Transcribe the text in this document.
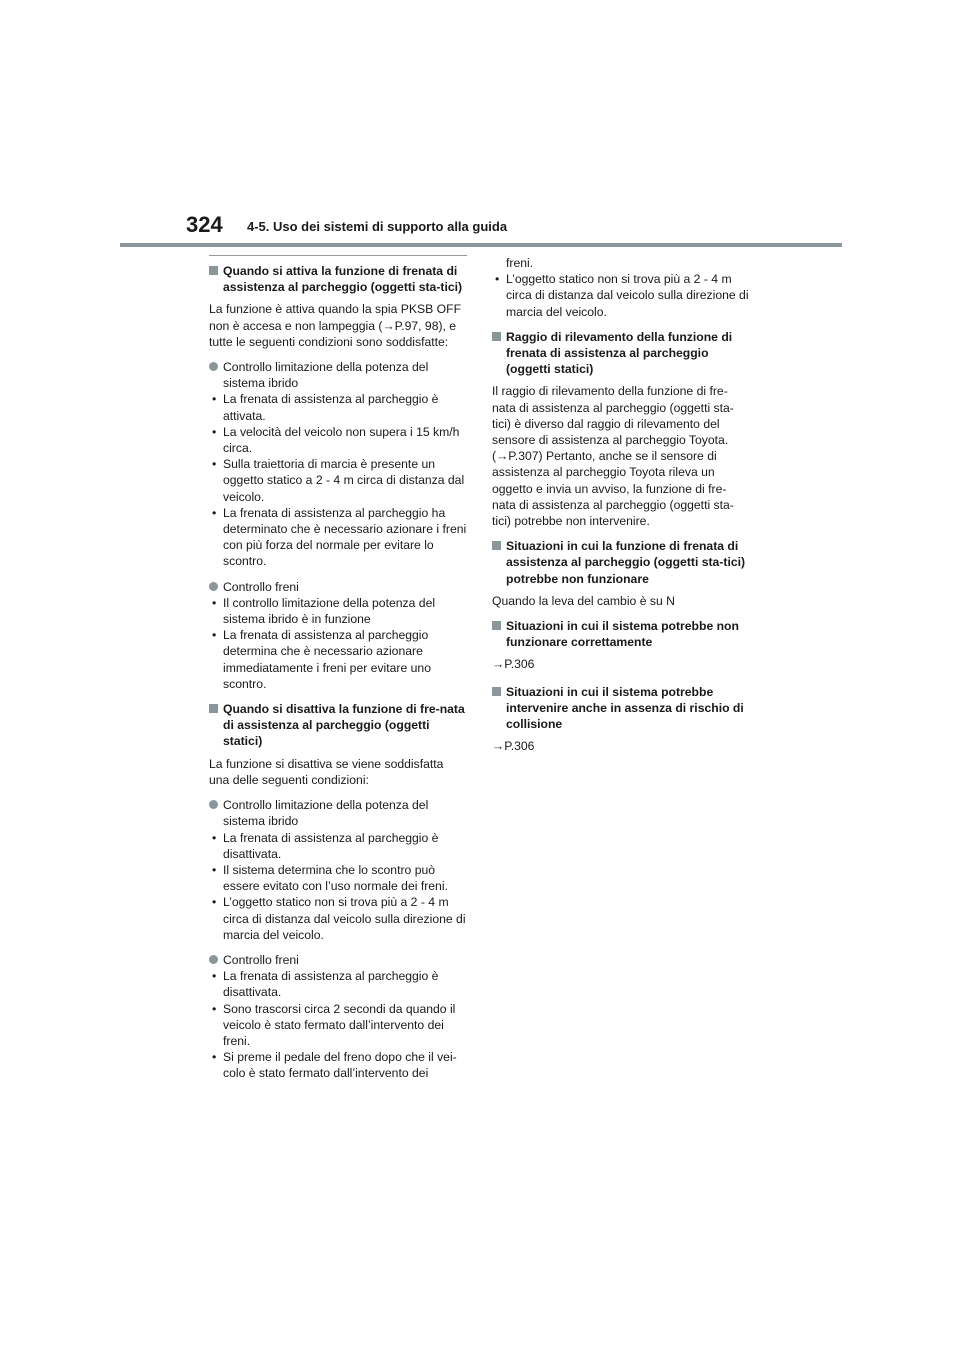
324 4-5. Uso dei sistemi di supporto alla guida
Quando si attiva la funzione di frenata di assistenza al parcheggio (oggetti sta-tici)

La funzione è attiva quando la spia PKSB OFF non è accesa e non lampeggia (→P.97, 98), e tutte le seguenti condizioni sono soddisfatte:

Controllo limitazione della potenza del sistema ibrido
• La frenata di assistenza al parcheggio è attivata.
• La velocità del veicolo non supera i 15 km/h circa.
• Sulla traiettoria di marcia è presente un oggetto statico a 2 - 4 m circa di distanza dal veicolo.
• La frenata di assistenza al parcheggio ha determinato che è necessario azionare i freni con più forza del normale per evitare lo scontro.
Controllo freni
• Il controllo limitazione della potenza del sistema ibrido è in funzione
• La frenata di assistenza al parcheggio determina che è necessario azionare immediatamente i freni per evitare uno scontro.
Quando si disattiva la funzione di fre-nata di assistenza al parcheggio (oggetti statici)

La funzione si disattiva se viene soddisfatta una delle seguenti condizioni:

Controllo limitazione della potenza del sistema ibrido
• La frenata di assistenza al parcheggio è disattivata.
• Il sistema determina che lo scontro può essere evitato con l’uso normale dei freni.
• L’oggetto statico non si trova più a 2 - 4 m circa di distanza dal veicolo sulla direzione di marcia del veicolo.
Controllo freni
• La frenata di assistenza al parcheggio è disattivata.
• Sono trascorsi circa 2 secondi da quando il veicolo è stato fermato dall’intervento dei freni.
• Si preme il pedale del freno dopo che il vei-colo è stato fermato dall’intervento dei

freni.

• L’oggetto statico non si trova più a 2 - 4 m circa di distanza dal veicolo sulla direzione di marcia del veicolo.
Raggio di rilevamento della funzione di frenata di assistenza al parcheggio (oggetti statici)

Il raggio di rilevamento della funzione di fre-nata di assistenza al parcheggio (oggetti sta-tici) è diverso dal raggio di rilevamento del sensore di assistenza al parcheggio Toyota. (→P.307) Pertanto, anche se il sensore di assistenza al parcheggio Toyota rileva un oggetto e invia un avviso, la funzione di fre-nata di assistenza al parcheggio (oggetti sta-tici) potrebbe non intervenire.

Situazioni in cui la funzione di frenata di assistenza al parcheggio (oggetti sta-tici) potrebbe non funzionare

Quando la leva del cambio è su N

Situazioni in cui il sistema potrebbe non funzionare correttamente

→P.306

Situazioni in cui il sistema potrebbe intervenire anche in assenza di rischio di collisione

→P.306
